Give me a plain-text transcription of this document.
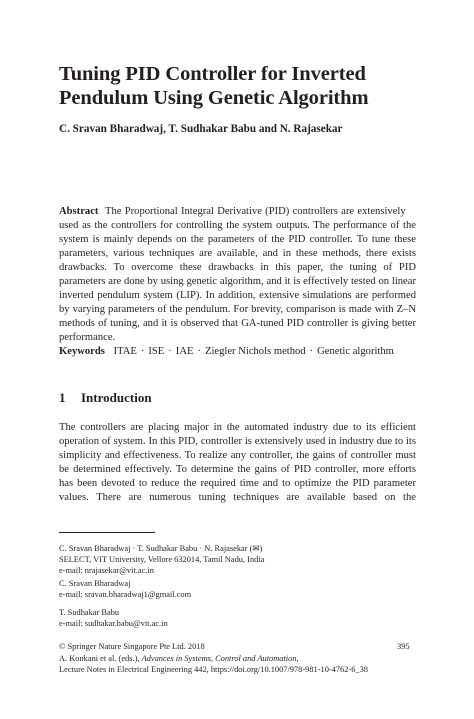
Tuning PID Controller for Inverted
Pendulum Using Genetic Algorithm
C. Sravan Bharadwaj, T. Sudhakar Babu and N. Rajasekar
Abstract The Proportional Integral Derivative (PID) controllers are extensively
used as the controllers for controlling the system outputs. The performance of the
system is mainly depends on the parameters of the PID controller. To tune these
parameters, various techniques are available, and in these methods, there exists
drawbacks. To overcome these drawbacks in this paper, the tuning of PID
parameters are done by using genetic algorithm, and it is effectively tested on linear
inverted pendulum system (LIP). In addition, extensive simulations are performed
by varying parameters of the pendulum. For brevity, comparison is made with Z–N
methods of tuning, and it is observed that GA-tuned PID controller is giving better
performance.
Keywords ITAE · ISE · IAE · Ziegler Nichols method · Genetic algorithm
1 Introduction
The controllers are placing major in the automated industry due to its efficient
operation of system. In this PID, controller is extensively used in industry due to its
simplicity and effectiveness. To realize any controller, the gains of controller must
be determined effectively. To determine the gains of PID controller, more efforts
has been devoted to reduce the required time and to optimize the PID parameter
values. There are numerous tuning techniques are available based on the
C. Sravan Bharadwaj · T. Sudhakar Babu · N. Rajasekar (✉)
SELECT, VIT University, Vellore 632014, Tamil Nadu, India
e-mail: nrajasekar@vit.ac.in
C. Sravan Bharadwaj
e-mail: sravan.bharadwaj1@gmail.com
T. Sudhakar Babu
e-mail: sudhakar.babu@vit.ac.in
© Springer Nature Singapore Pte Ltd. 2018
A. Konkani et al. (eds.), Advances in Systems, Control and Automation,
Lecture Notes in Electrical Engineering 442, https://doi.org/10.1007/978-981-10-4762-6_38
395
